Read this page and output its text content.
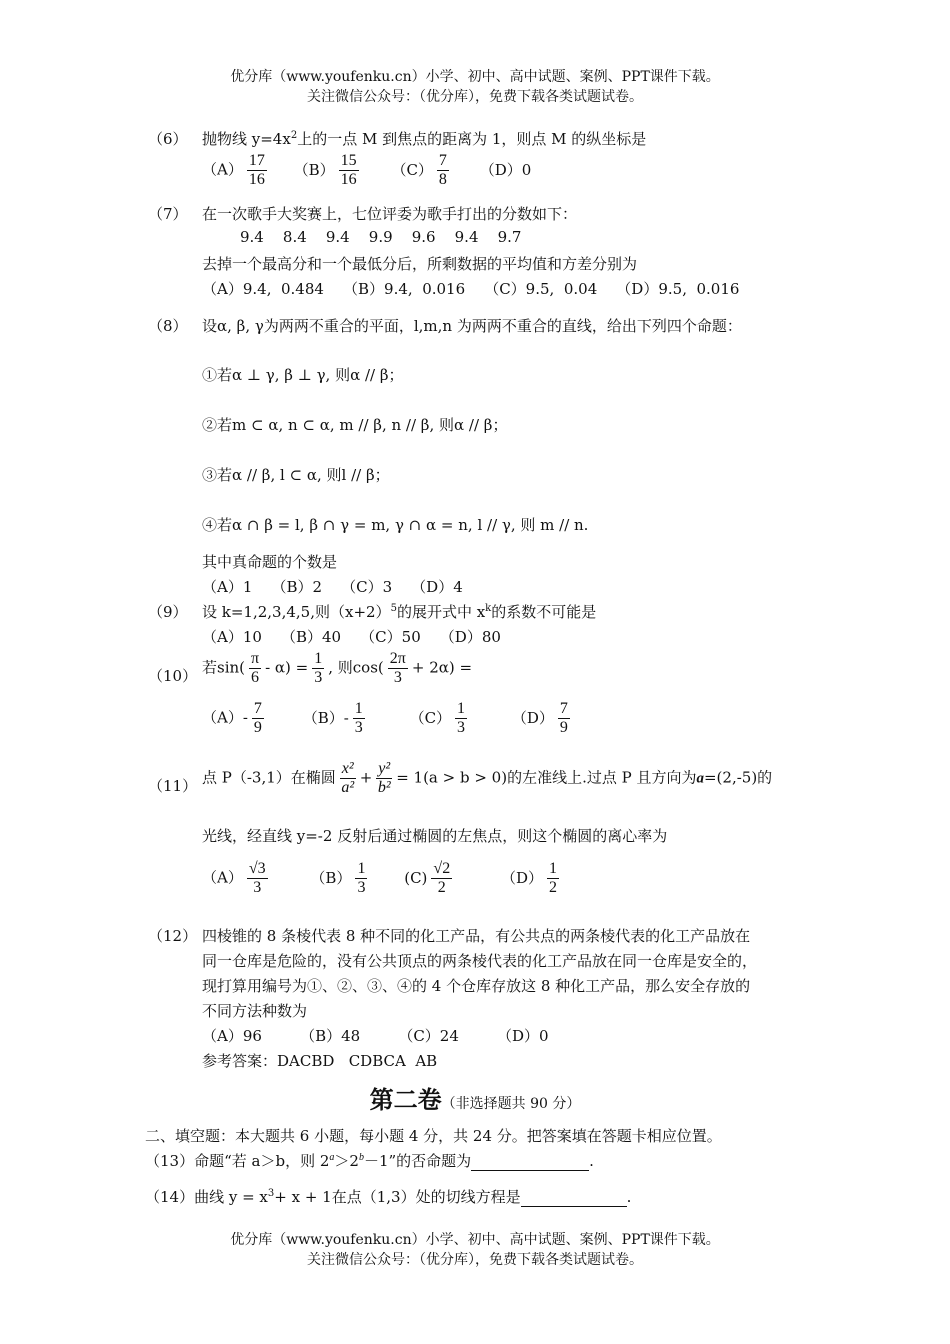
优分库（www.youfenku.cn）小学、初中、高中试题、案例、PPT课件下载。
关注微信公众号：（优分库），免费下载各类试题试卷。
（6） 抛物线 $y=4x^2$上的一点 M 到焦点的距离为 1，则点 M 的纵坐标是
$(A) \frac{17}{16} (B) \frac{15}{16} (C) \frac{7}{8} (D)0$
（7） 在一次歌手大奖赛上，七位评委为歌手打出的分数如下：
9.4    8.4    9.4    9.9    9.6    9.4    9.7
去掉一个最高分和一个最低分后，所剩数据的平均值和方差分别为
（A）9.4,  0.484    （B）9.4,  0.016    （C）9.5,  0.04    （D）9.5,  0.016
（8） 设α, β, γ为两两不重合的平面，l,m,n 为两两不重合的直线，给出下列四个命题：
①若α ⊥ γ, β ⊥ γ, 则α // β；
②若m ⊂ α, n ⊂ α, m // β, n // β, 则α // β；
③若α // β, l ⊂ α, 则l // β；
④若α ∩ β = l, β ∩ γ = m, γ ∩ α = n, l // γ, 则 m // n.
其中真命题的个数是
（A）1    （B）2    （C）3    （D）4
（9） 设 k=1,2,3,4,5,则$(x+2)^5$的展开式中 $x^k$的系数不可能是
（A）10    （B）40    （C）50    （D）80
（10） 若$\sin( \frac{\pi}{6} - \alpha) = \frac{1}{3}$ , 则$\cos( \frac{2\pi}{3} + 2\alpha)$ =
$(A)- \frac{7}{9}$	$(B)- \frac{1}{3}$	$(C) \frac{1}{3}$	$(D) \frac{7}{9}$
（11） 点 P（-3,1）在椭圆 $\frac{\text{x²}}{\text{a²}} + \frac{\text{y²}}{\text{b²}} = 1(a > b > 0)$的左准线上.过点 P 且方向为a=(2,-5)的
光线，经直线 y=-2 反射后通过椭圆的左焦点，则这个椭圆的离心率为
$(A) \frac{√3}{3}$	$(B) \frac{1}{3} (C) \frac{√2}{2}$	$(D) \frac{1}{2}$
（12） 四棱锥的 8 条棱代表 8 种不同的化工产品，有公共点的两条棱代表的化工产品放在
同一仓库是危险的，没有公共顶点的两条棱代表的化工产品放在同一仓库是安全的，
现打算用编号为①、②、③、④的 4 个仓库存放这 8 种化工产品，那么安全存放的
不同方法种数为
（A）96        （B）48        （C）24        （D）0
参考答案：DACBD   CDBCA  AB
第二卷（非选择题共 90 分）
二、填空题：本大题共 6 小题，每小题 4 分，共 24 分。把答案填在答题卡相应位置。
（13）命题“若 a＞b，则 $2^a>2^b-1$”的否命题为	.
（14）曲线 $y = x^3+ x + 1$在点（1,3）处的切线方程是	.
优分库（www.youfenku.cn）小学、初中、高中试题、案例、PPT课件下载。
关注微信公众号：（优分库），免费下载各类试题试卷。
